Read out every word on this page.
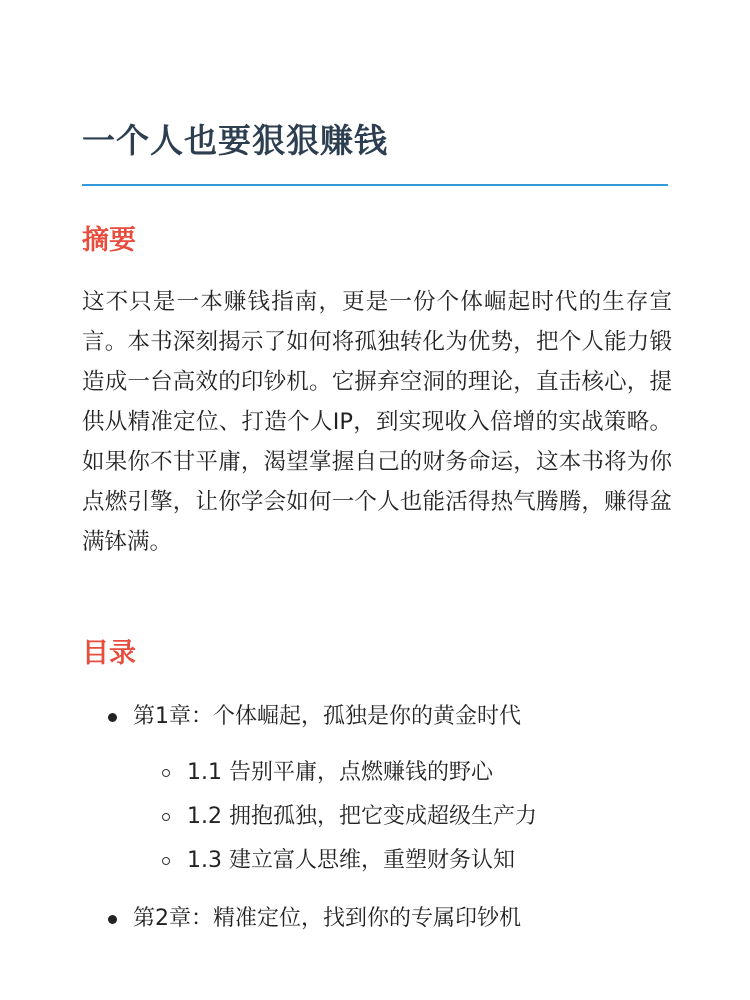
一个人也要狠狠赚钱
摘要

这不只是一本赚钱指南，更是一份个体崛起时代的生存宣言。本书深刻揭示了如何将孤独转化为优势，把个人能力锻造成一台高效的印钞机。它摒弃空洞的理论，直击核心，提供从精准定位、打造个人IP，到实现收入倍增的实战策略。如果你不甘平庸，渴望掌握自己的财务命运，这本书将为你点燃引擎，让你学会如何一个人也能活得热气腾腾，赚得盆满钵满。

目录
第1章：个体崛起，孤独是你的黄金时代
1.1 告别平庸，点燃赚钱的野心
1.2 拥抱孤独，把它变成超级生产力
1.3 建立富人思维，重塑财务认知
第2章：精准定位，找到你的专属印钞机
